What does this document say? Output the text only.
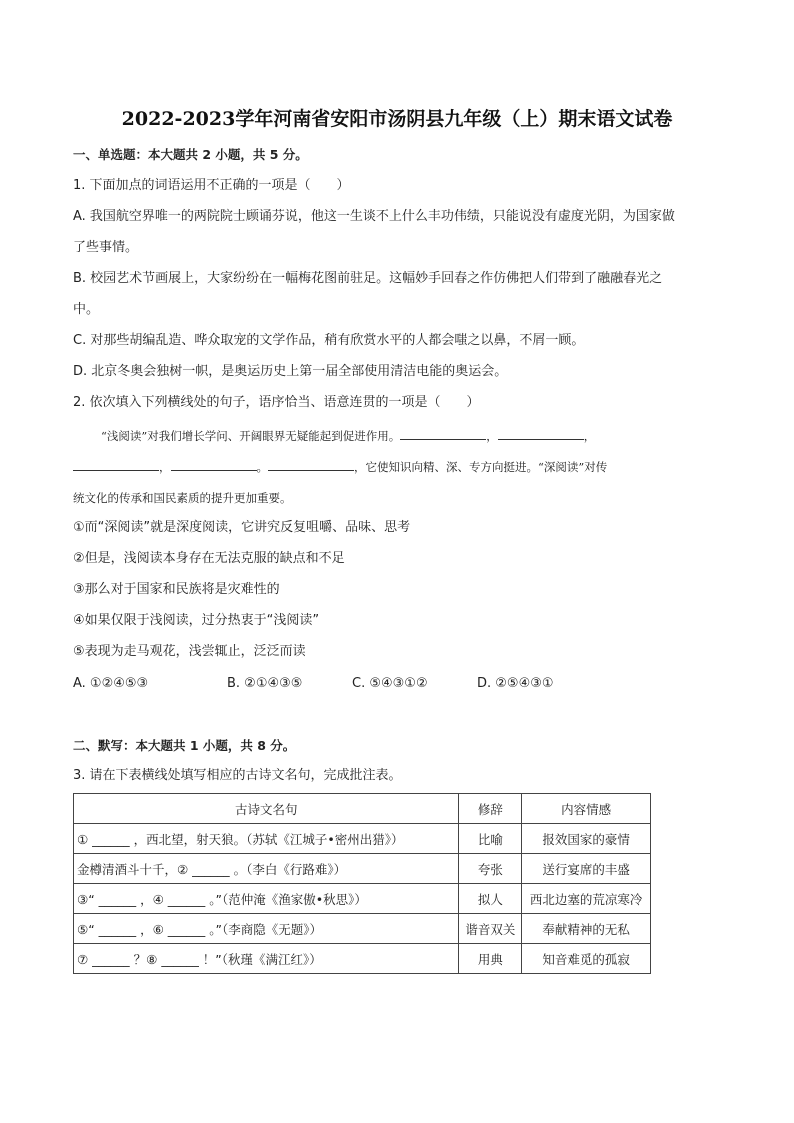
2022-2023学年河南省安阳市汤阴县九年级（上）期末语文试卷
一、单选题：本大题共 2 小题，共 5 分。
1. 下面加点的词语运用不正确的一项是（　　）
A. 我国航空界唯一的两院院士顾诵芬说，他这一生谈不上什么丰功伟绩，只能说没有虚度光阴，为国家做
了些事情。
B. 校园艺术节画展上，大家纷纷在一幅梅花图前驻足。这幅妙手回春之作仿佛把人们带到了融融春光之
中。
C. 对那些胡编乱造、哗众取宠的文学作品，稍有欣赏水平的人都会嗤之以鼻，不屑一顾。
D. 北京冬奥会独树一帜，是奥运历史上第一届全部使用清洁电能的奥运会。
2. 依次填入下列横线处的句子，语序恰当、语意连贯的一项是（　　）
“浅阅读”对我们增长学问、开阔眼界无疑能起到促进作用。	，	，
，	。	，它使知识向精、深、专方向挺进。“深阅读”对传
统文化的传承和国民素质的提升更加重要。
①而“深阅读”就是深度阅读，它讲究反复咀嚼、品味、思考
②但是，浅阅读本身存在无法克服的缺点和不足
③那么对于国家和民族将是灾难性的
④如果仅限于浅阅读，过分热衷于“浅阅读”
⑤表现为走马观花，浅尝辄止，泛泛而读
A. ①②④⑤③	B. ②①④③⑤	C. ⑤④③①②	D. ②⑤④③①
二、默写：本大题共 1 小题，共 8 分。
3. 请在下表横线处填写相应的古诗文名句，完成批注表。
古诗文名句	修辞	内容情感
① ______ ，西北望，射天狼。（苏轼《江城子•密州出猎》）	比喻	报效国家的豪情
金樽清酒斗十千，② ______ 。（李白《行路难》）	夸张	送行宴席的丰盛
③“ ______ ，④ ______ 。”（范仲淹《渔家傲•秋思》）	拟人	西北边塞的荒凉寒冷
⑤“ ______ ，⑥ ______ 。”（李商隐《无题》）	谐音双关	奉献精神的无私
⑦ ______ ？⑧ ______ ！”（秋瑾《满江红》）	用典	知音难觅的孤寂
